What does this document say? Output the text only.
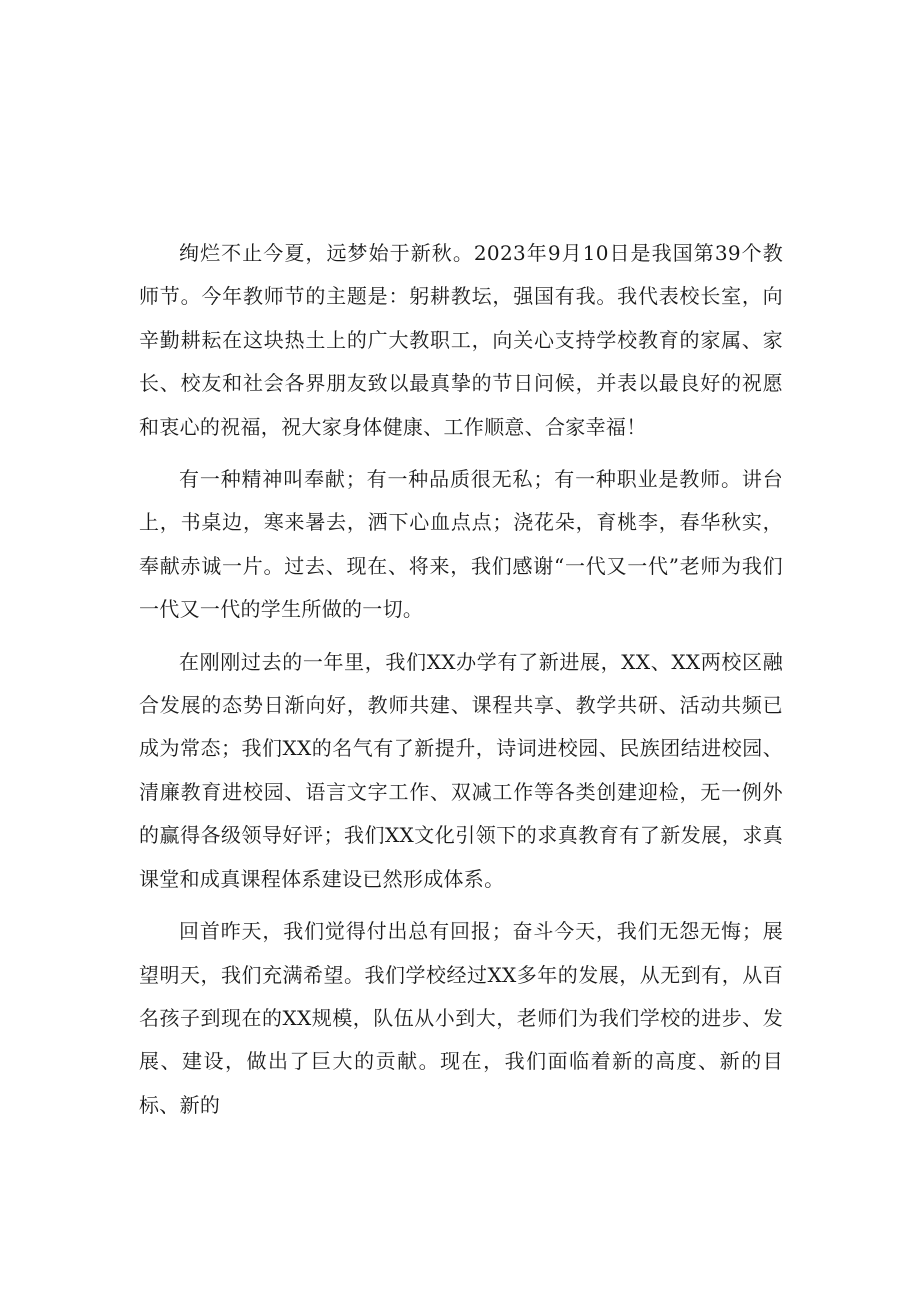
绚烂不止今夏，远梦始于新秋。2023年9月10日是我国第39个教师节。今年教师节的主题是：躬耕教坛，强国有我。我代表校长室，向辛勤耕耘在这块热土上的广大教职工，向关心支持学校教育的家属、家长、校友和社会各界朋友致以最真挚的节日问候，并表以最良好的祝愿和衷心的祝福，祝大家身体健康、工作顺意、合家幸福！

有一种精神叫奉献；有一种品质很无私；有一种职业是教师。讲台上，书桌边，寒来暑去，洒下心血点点；浇花朵，育桃李，春华秋实，奉献赤诚一片。过去、现在、将来，我们感谢“一代又一代”老师为我们一代又一代的学生所做的一切。

在刚刚过去的一年里，我们XX办学有了新进展，XX、XX两校区融合发展的态势日渐向好，教师共建、课程共享、教学共研、活动共频已成为常态；我们XX的名气有了新提升，诗词进校园、民族团结进校园、清廉教育进校园、语言文字工作、双减工作等各类创建迎检，无一例外的赢得各级领导好评；我们XX文化引领下的求真教育有了新发展，求真课堂和成真课程体系建设已然形成体系。

回首昨天，我们觉得付出总有回报；奋斗今天，我们无怨无悔；展望明天，我们充满希望。我们学校经过XX多年的发展，从无到有，从百名孩子到现在的XX规模，队伍从小到大，老师们为我们学校的进步、发展、建设，做出了巨大的贡献。现在，我们面临着新的高度、新的目标、新的
